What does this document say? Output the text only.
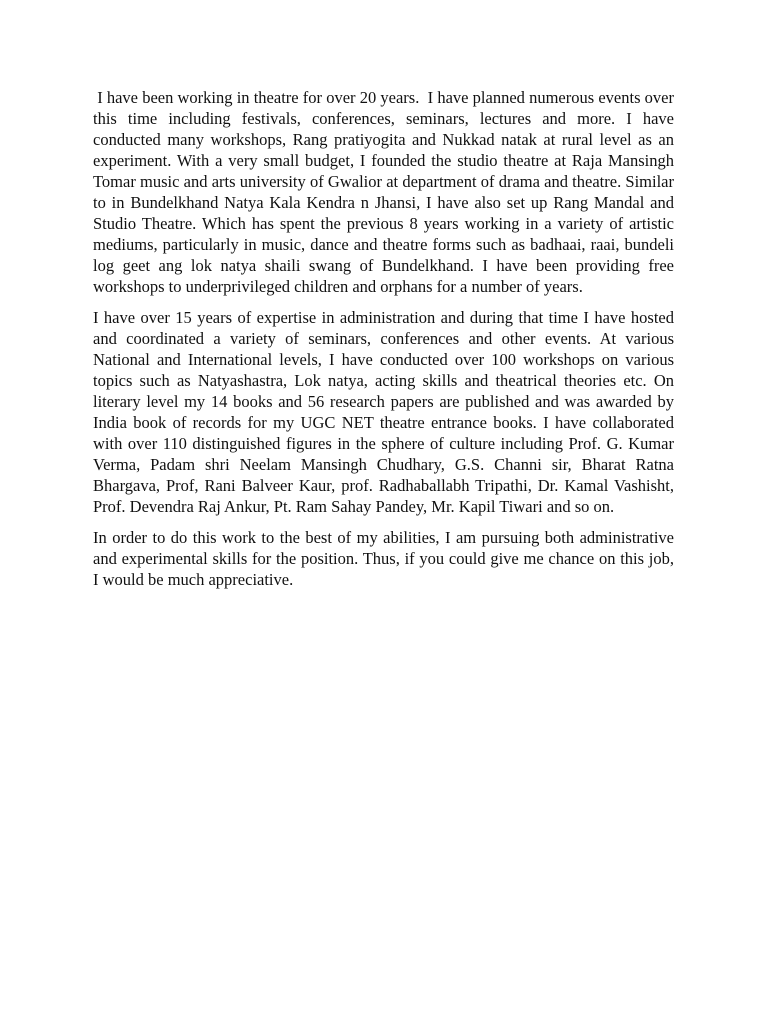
I have been working in theatre for over 20 years.  I have planned numerous events over this time including festivals, conferences, seminars, lectures and more. I have conducted many workshops, Rang pratiyogita and Nukkad natak at rural level as an experiment. With a very small budget, I founded the studio theatre at Raja Mansingh Tomar music and arts university of Gwalior at department of drama and theatre. Similar to in Bundelkhand Natya Kala Kendra n Jhansi, I have also set up Rang Mandal and Studio Theatre. Which has spent the previous 8 years working in a variety of artistic mediums, particularly in music, dance and theatre forms such as badhaai, raai, bundeli log geet ang lok natya shaili swang of Bundelkhand. I have been providing free workshops to underprivileged children and orphans for a number of years.

I have over 15 years of expertise in administration and during that time I have hosted and coordinated a variety of seminars, conferences and other events. At various National and International levels, I have conducted over 100 workshops on various topics such as Natyashastra, Lok natya, acting skills and theatrical theories etc. On literary level my 14 books and 56 research papers are published and was awarded by India book of records for my UGC NET theatre entrance books. I have collaborated with over 110 distinguished figures in the sphere of culture including Prof. G. Kumar Verma, Padam shri Neelam Mansingh Chudhary, G.S. Channi sir, Bharat Ratna Bhargava, Prof, Rani Balveer Kaur, prof. Radhaballabh Tripathi, Dr. Kamal Vashisht, Prof. Devendra Raj Ankur, Pt. Ram Sahay Pandey, Mr. Kapil Tiwari and so on.

In order to do this work to the best of my abilities, I am pursuing both administrative and experimental skills for the position. Thus, if you could give me chance on this job, I would be much appreciative.
